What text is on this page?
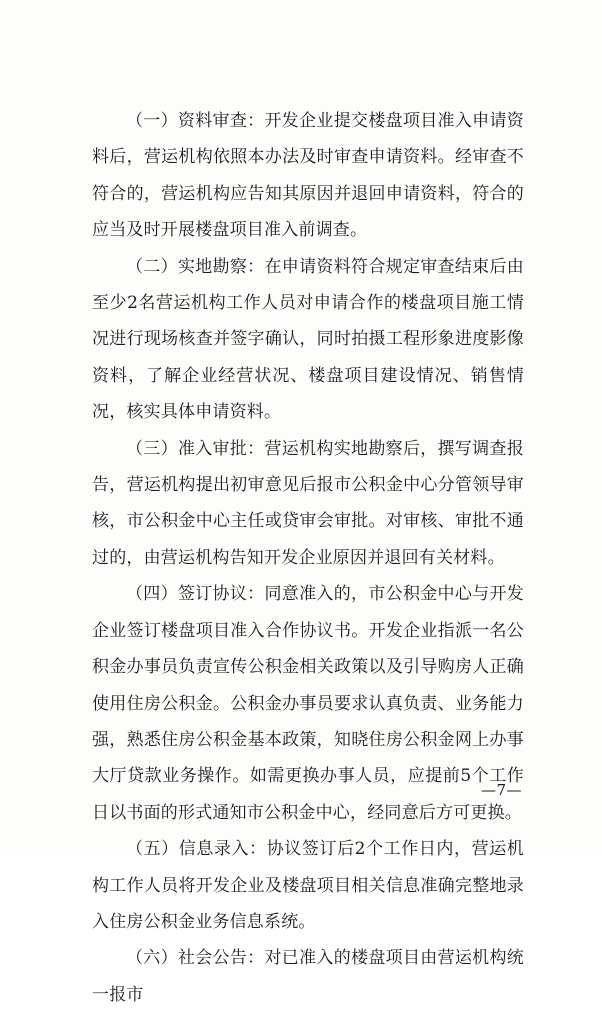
（一）资料审查：开发企业提交楼盘项目准入申请资料后，营运机构依照本办法及时审查申请资料。经审查不符合的，营运机构应告知其原因并退回申请资料，符合的应当及时开展楼盘项目准入前调查。

（二）实地勘察：在申请资料符合规定审查结束后由至少2名营运机构工作人员对申请合作的楼盘项目施工情况进行现场核查并签字确认，同时拍摄工程形象进度影像资料，了解企业经营状况、楼盘项目建设情况、销售情况，核实具体申请资料。

（三）准入审批：营运机构实地勘察后，撰写调查报告，营运机构提出初审意见后报市公积金中心分管领导审核，市公积金中心主任或贷审会审批。对审核、审批不通过的，由营运机构告知开发企业原因并退回有关材料。

（四）签订协议：同意准入的，市公积金中心与开发企业签订楼盘项目准入合作协议书。开发企业指派一名公积金办事员负责宣传公积金相关政策以及引导购房人正确使用住房公积金。公积金办事员要求认真负责、业务能力强，熟悉住房公积金基本政策，知晓住房公积金网上办事大厅贷款业务操作。如需更换办事人员，应提前5个工作日以书面的形式通知市公积金中心，经同意后方可更换。

（五）信息录入：协议签订后2个工作日内，营运机构工作人员将开发企业及楼盘项目相关信息准确完整地录入住房公积金业务信息系统。

（六）社会公告：对已准入的楼盘项目由营运机构统一报市

—7—
